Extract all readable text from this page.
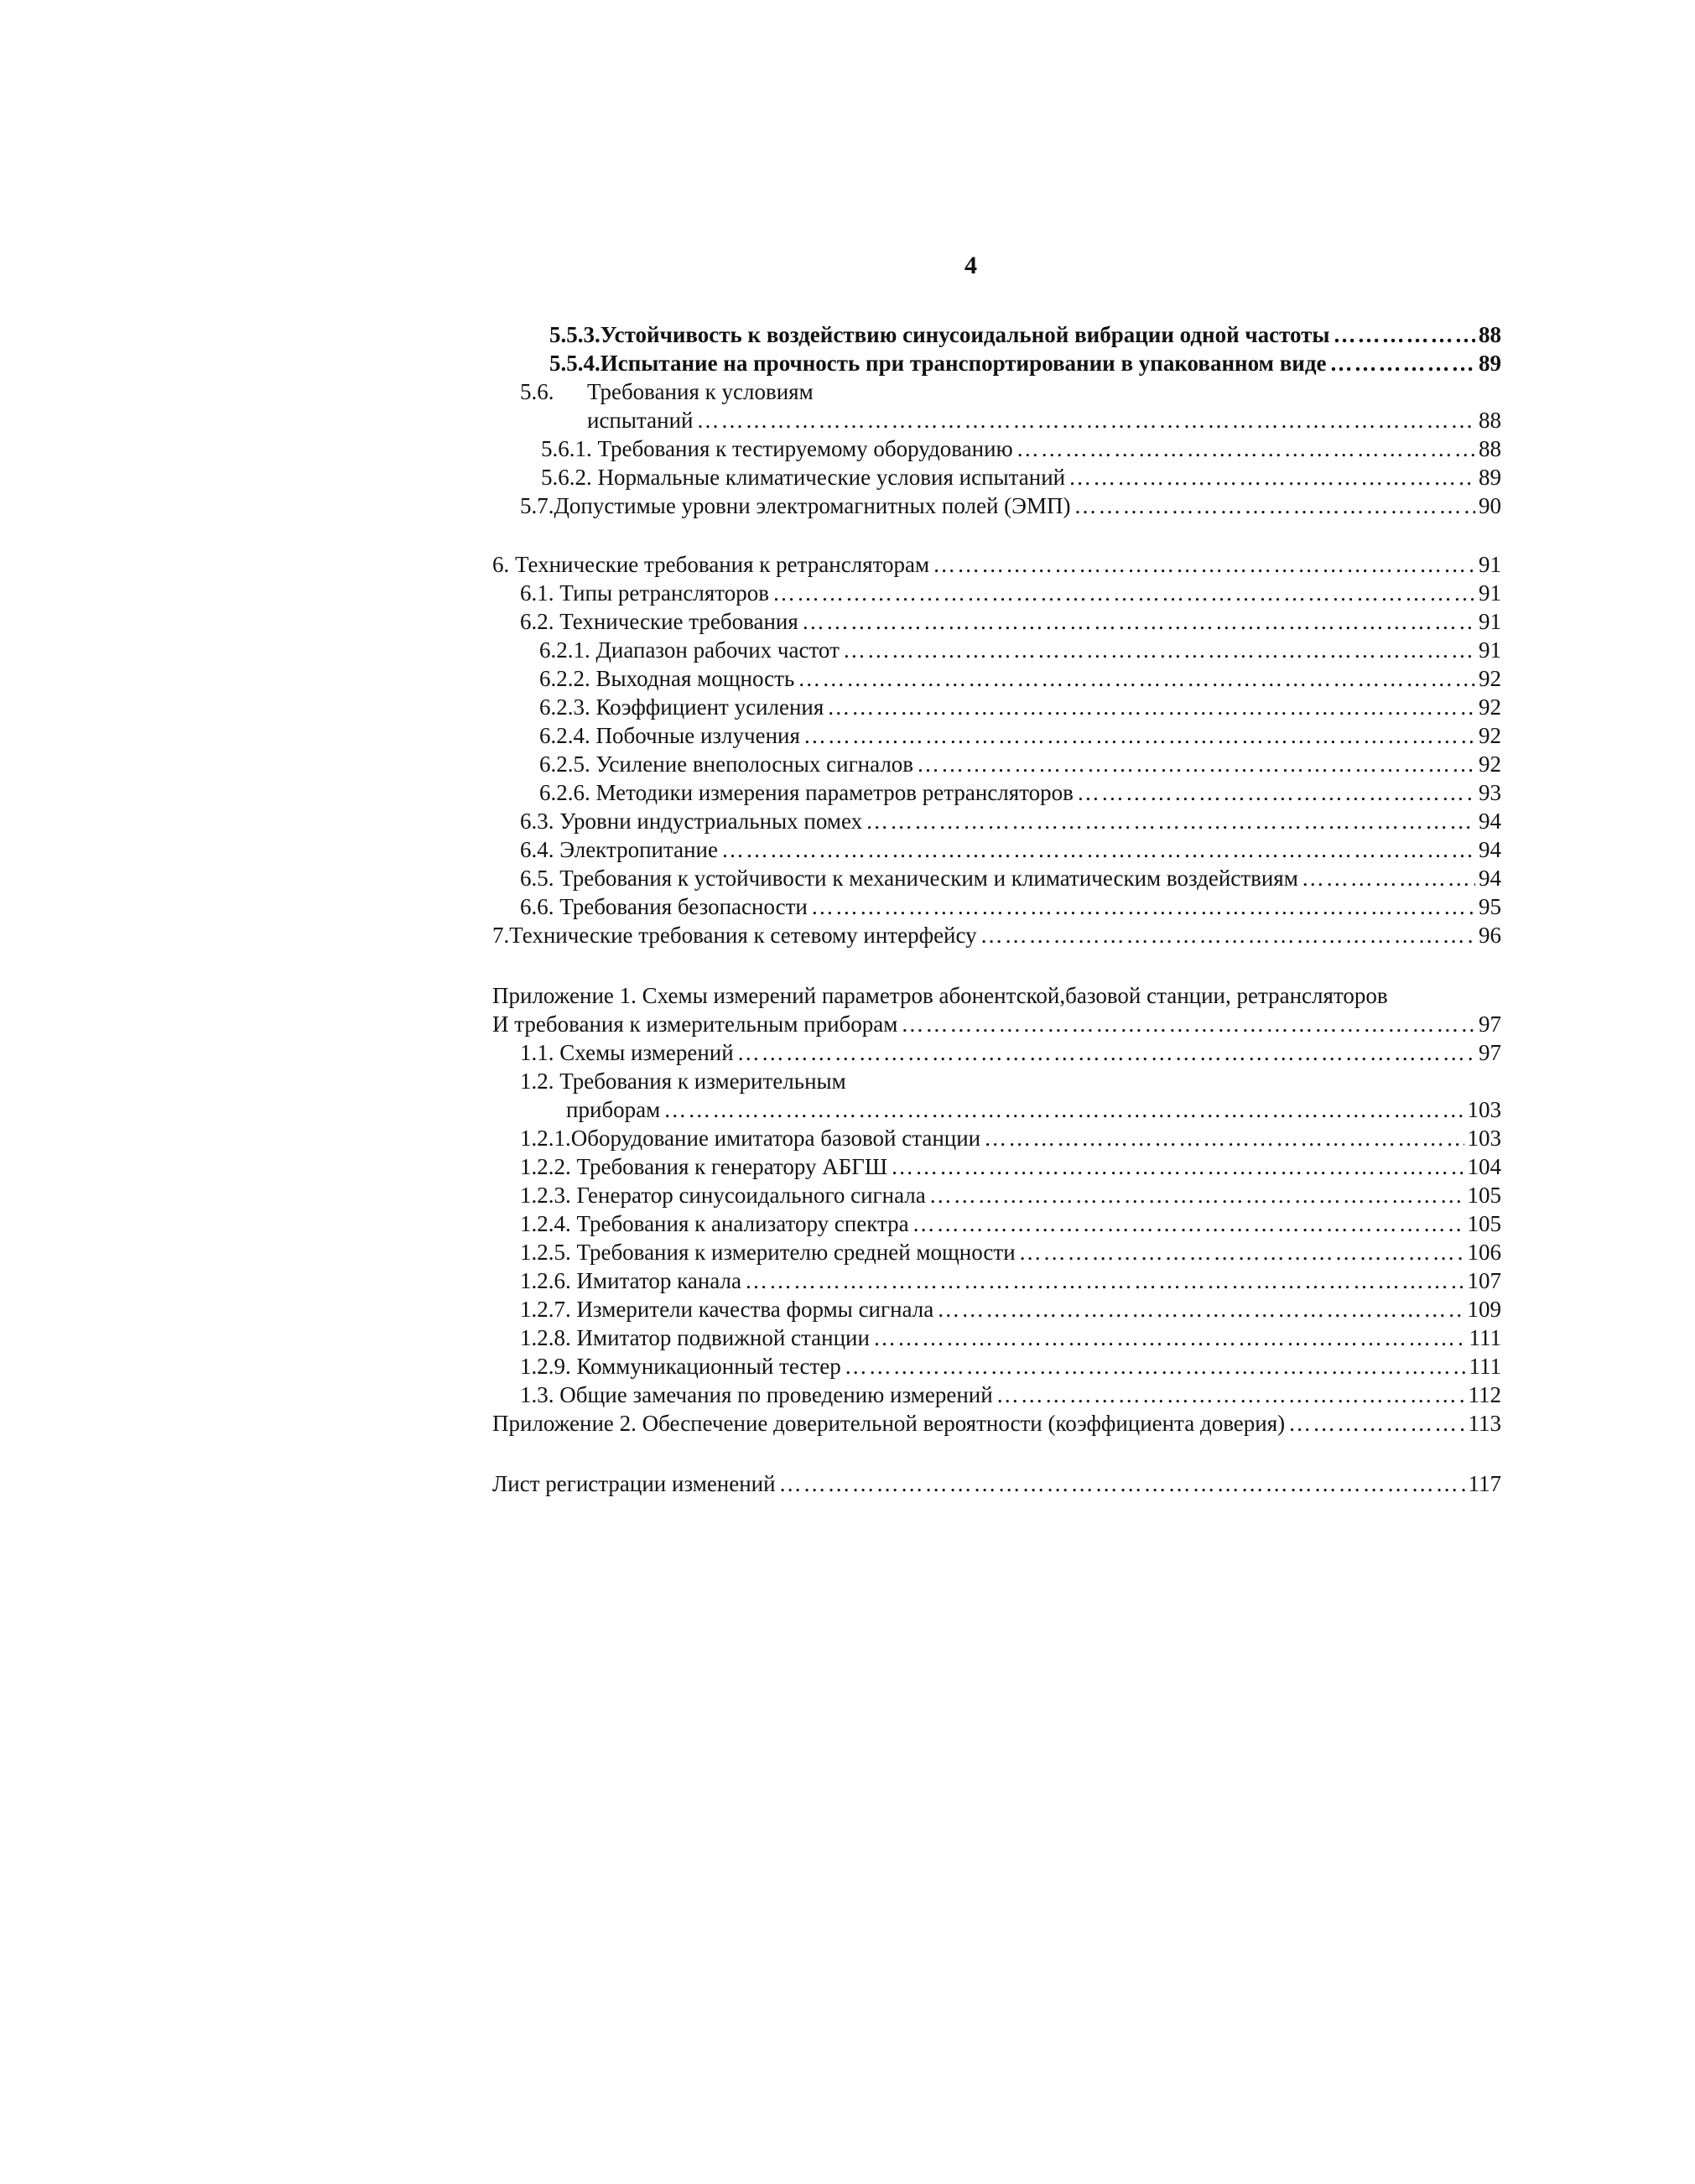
4
5.5.3.Устойчивость к воздействию синусоидальной вибрации одной частоты ………………………………………………………………………………………………………………………………………………………………………………………………………………………………………………………………………………………………	88
5.5.4.Испытание на прочность при транспортировании в упакованном виде ………………………………………………………………………………………………………………………………………………………………………………………………………………………………………………………………………………………………	89
5.6.	Требования к условиям
испытаний ………………………………………………………………………………………………………………………………………………………………………………………………………………………………………………………………………………………………	88
5.6.1. Требования к тестируемому оборудованию ………………………………………………………………………………………………………………………………………………………………………………………………………………………………………………………………………………………………	88
5.6.2. Нормальные климатические условия испытаний ………………………………………………………………………………………………………………………………………………………………………………………………………………………………………………………………………………………………	89
5.7. Допустимые уровни электромагнитных полей (ЭМП) ………………………………………………………………………………………………………………………………………………………………………………………………………………………………………………………………………………………………	90
6. Технические требования к ретрансляторам ………………………………………………………………………………………………………………………………………………………………………………………………………………………………………………………………………………………………	91
6.1. Типы ретрансляторов ………………………………………………………………………………………………………………………………………………………………………………………………………………………………………………………………………………………………	91
6.2. Технические требования ………………………………………………………………………………………………………………………………………………………………………………………………………………………………………………………………………………………………	91
6.2.1. Диапазон рабочих частот ………………………………………………………………………………………………………………………………………………………………………………………………………………………………………………………………………………………………	91
6.2.2. Выходная мощность ………………………………………………………………………………………………………………………………………………………………………………………………………………………………………………………………………………………………	92
6.2.3. Коэффициент усиления ………………………………………………………………………………………………………………………………………………………………………………………………………………………………………………………………………………………………	92
6.2.4. Побочные излучения ………………………………………………………………………………………………………………………………………………………………………………………………………………………………………………………………………………………………	92
6.2.5. Усиление внеполосных сигналов ………………………………………………………………………………………………………………………………………………………………………………………………………………………………………………………………………………………………	92
6.2.6. Методики измерения параметров ретрансляторов ………………………………………………………………………………………………………………………………………………………………………………………………………………………………………………………………………………………………	93
6.3. Уровни индустриальных помех ………………………………………………………………………………………………………………………………………………………………………………………………………………………………………………………………………………………………	94
6.4. Электропитание ………………………………………………………………………………………………………………………………………………………………………………………………………………………………………………………………………………………………	94
6.5. Требования к устойчивости к механическим и климатическим воздействиям ………………………………………………………………………………………………………………………………………………………………………………………………………………………………………………………………………………………………	94
6.6. Требования безопасности ………………………………………………………………………………………………………………………………………………………………………………………………………………………………………………………………………………………………	95
7. Технические требования к сетевому интерфейсу ………………………………………………………………………………………………………………………………………………………………………………………………………………………………………………………………………………………………	96
Приложение 1. Схемы измерений параметров абонентской,базовой станции, ретрансляторов
И требования к измерительным приборам ………………………………………………………………………………………………………………………………………………………………………………………………………………………………………………………………………………………………	97
1.1. Схемы измерений ………………………………………………………………………………………………………………………………………………………………………………………………………………………………………………………………………………………………	97
1.2. Требования к измерительным
приборам ………………………………………………………………………………………………………………………………………………………………………………………………………………………………………………………………………………………………	103
1.2.1.Оборудование имитатора базовой станции ………………………………………………………………………………………………………………………………………………………………………………………………………………………………………………………………………………………………	103
1.2.2. Требования к генератору АБГШ ………………………………………………………………………………………………………………………………………………………………………………………………………………………………………………………………………………………………	104
1.2.3. Генератор синусоидального сигнала ………………………………………………………………………………………………………………………………………………………………………………………………………………………………………………………………………………………………	105
1.2.4. Требования к анализатору спектра ………………………………………………………………………………………………………………………………………………………………………………………………………………………………………………………………………………………………	105
1.2.5. Требования к измерителю средней мощности ………………………………………………………………………………………………………………………………………………………………………………………………………………………………………………………………………………………………	106
1.2.6. Имитатор канала ………………………………………………………………………………………………………………………………………………………………………………………………………………………………………………………………………………………………	107
1.2.7. Измерители качества формы сигнала ………………………………………………………………………………………………………………………………………………………………………………………………………………………………………………………………………………………………	109
1.2.8. Имитатор подвижной станции ………………………………………………………………………………………………………………………………………………………………………………………………………………………………………………………………………………………………	111
1.2.9. Коммуникационный тестер ………………………………………………………………………………………………………………………………………………………………………………………………………………………………………………………………………………………………	111
1.3. Общие замечания по проведению измерений ………………………………………………………………………………………………………………………………………………………………………………………………………………………………………………………………………………………………	112
Приложение 2. Обеспечение доверительной вероятности (коэффициента доверия) ………………………………………………………………………………………………………………………………………………………………………………………………………………………………………………………………………………………………	113
Лист регистрации изменений ………………………………………………………………………………………………………………………………………………………………………………………………………………………………………………………………………………………………	117
